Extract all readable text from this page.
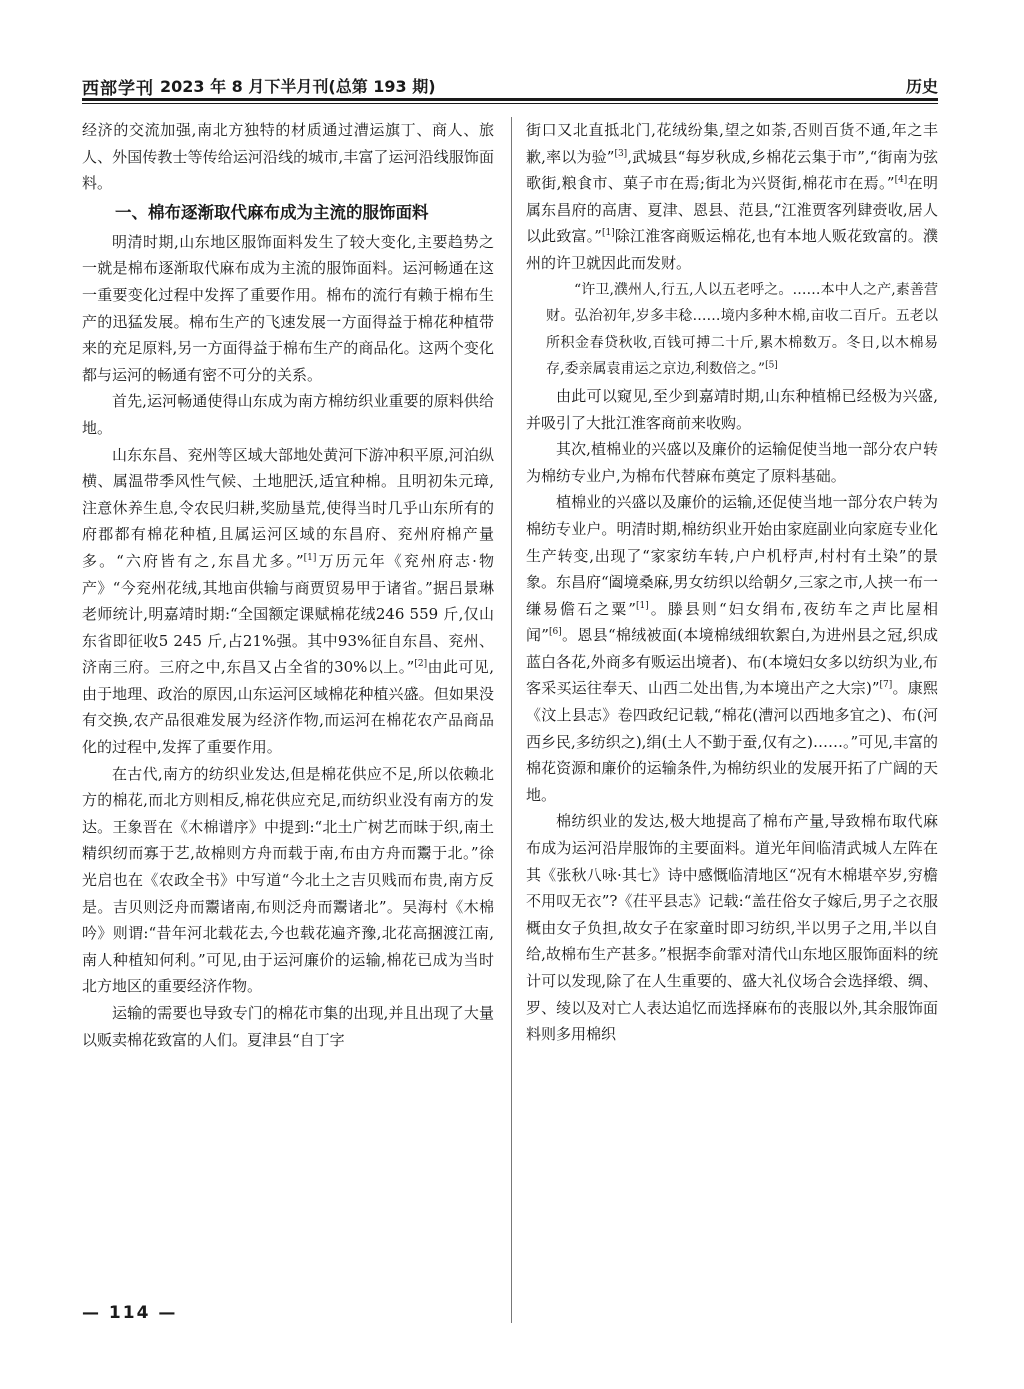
西部学刊 2023 年 8 月下半月刊(总第 193 期)	历史

经济的交流加强,南北方独特的材质通过漕运旗丁、商人、旅人、外国传教士等传给运河沿线的城市,丰富了运河沿线服饰面料。

一、棉布逐渐取代麻布成为主流的服饰面料

明清时期,山东地区服饰面料发生了较大变化,主要趋势之一就是棉布逐渐取代麻布成为主流的服饰面料。运河畅通在这一重要变化过程中发挥了重要作用。棉布的流行有赖于棉布生产的迅猛发展。棉布生产的飞速发展一方面得益于棉花种植带来的充足原料,另一方面得益于棉布生产的商品化。这两个变化都与运河的畅通有密不可分的关系。

首先,运河畅通使得山东成为南方棉纺织业重要的原料供给地。

山东东昌、兖州等区域大部地处黄河下游冲积平原,河泊纵横、属温带季风性气候、土地肥沃,适宜种棉。且明初朱元璋,注意休养生息,令农民归耕,奖励垦荒,使得当时几乎山东所有的府郡都有棉花种植,且属运河区域的东昌府、兖州府棉产量多。“六府皆有之,东昌尤多。”[1]万历元年《兖州府志·物产》“今兖州花绒,其地亩供输与商贾贸易甲于诸省。”据吕景琳老师统计,明嘉靖时期:“全国额定课赋棉花绒246 559 斤,仅山东省即征收5 245 斤,占21%强。其中93%征自东昌、兖州、济南三府。三府之中,东昌又占全省的30%以上。”[2]由此可见,由于地理、政治的原因,山东运河区域棉花种植兴盛。但如果没有交换,农产品很难发展为经济作物,而运河在棉花农产品商品化的过程中,发挥了重要作用。

在古代,南方的纺织业发达,但是棉花供应不足,所以依赖北方的棉花,而北方则相反,棉花供应充足,而纺织业没有南方的发达。王象晋在《木棉谱序》中提到:“北土广树艺而昧于织,南土精织纫而寡于艺,故棉则方舟而载于南,布由方舟而鬻于北。”徐光启也在《农政全书》中写道“今北土之吉贝贱而布贵,南方反是。吉贝则泛舟而鬻诸南,布则泛舟而鬻诸北”。吴海村《木棉吟》则谓:“昔年河北载花去,今也载花遍齐豫,北花高捆渡江南,南人种植知何利。”可见,由于运河廉价的运输,棉花已成为当时北方地区的重要经济作物。

运输的需要也导致专门的棉花市集的出现,并且出现了大量以贩卖棉花致富的人们。夏津县“自丁字

街口又北直抵北门,花绒纷集,望之如荼,否则百货不通,年之丰歉,率以为验”[3],武城县“每岁秋成,乡棉花云集于市”,“街南为弦歌街,粮食市、菓子市在焉;街北为兴贤街,棉花市在焉。”[4]在明属东昌府的高唐、夏津、恩县、范县,“江淮贾客列肆赍收,居人以此致富。”[1]除江淮客商贩运棉花,也有本地人贩花致富的。濮州的许卫就因此而发财。

“许卫,濮州人,行五,人以五老呼之。……本中人之产,素善营财。弘治初年,岁多丰稔……境内多种木棉,亩收二百斤。五老以所积金春贷秋收,百钱可搏二十斤,累木棉数万。冬日,以木棉易存,委亲属袁甫运之京边,利数倍之。”[5]

由此可以窥见,至少到嘉靖时期,山东种植棉已经极为兴盛,并吸引了大批江淮客商前来收购。

其次,植棉业的兴盛以及廉价的运输促使当地一部分农户转为棉纺专业户,为棉布代替麻布奠定了原料基础。

植棉业的兴盛以及廉价的运输,还促使当地一部分农户转为棉纺专业户。明清时期,棉纺织业开始由家庭副业向家庭专业化生产转变,出现了“家家纺车转,户户机杼声,村村有土染”的景象。东昌府“阖境桑麻,男女纺织以给朝夕,三家之市,人挟一布一缣易儋石之粟”[1]。滕县则“妇女绢布,夜纺车之声比屋相闻”[6]。恩县“棉绒被面(本境棉绒细软絮白,为进州县之冠,织成蓝白各花,外商多有贩运出境者)、布(本境妇女多以纺织为业,布客采买运往奉天、山西二处出售,为本境出产之大宗)”[7]。康熙《汶上县志》卷四政纪记载,“棉花(漕河以西地多宜之)、布(河西乡民,多纺织之),绢(土人不勤于蚕,仅有之)……。”可见,丰富的棉花资源和廉价的运输条件,为棉纺织业的发展开拓了广阔的天地。

棉纺织业的发达,极大地提高了棉布产量,导致棉布取代麻布成为运河沿岸服饰的主要面料。道光年间临清武城人左阵在其《张秋八咏·其七》诗中感慨临清地区“况有木棉堪卒岁,穷檐不用叹无衣”?《茌平县志》记载:“盖茌俗女子嫁后,男子之衣服概由女子负担,故女子在家童时即习纺织,半以男子之用,半以自给,故棉布生产甚多。”根据李俞霏对清代山东地区服饰面料的统计可以发现,除了在人生重要的、盛大礼仪场合会选择缎、绸、罗、绫以及对亡人表达追忆而选择麻布的丧服以外,其余服饰面料则多用棉织

— 114 —
